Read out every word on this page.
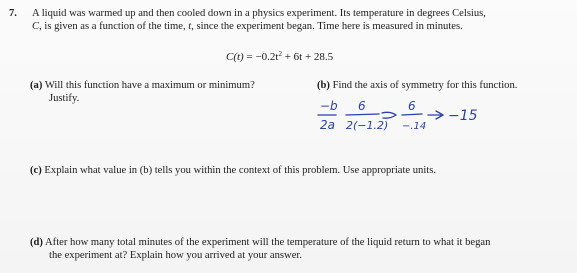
7. A liquid was warmed up and then cooled down in a physics experiment. Its temperature in degrees Celsius,
C, is given as a function of the time, t, since the experiment began. Time here is measured in minutes.
$C(t) = -0.2t^2 + 6t + 28.5$
(a) Will this function have a maximum or minimum?
Justify.
(b) Find the axis of symmetry for this function.
−b
2a
6
2(−1.2)
6
−.14
−15
(c) Explain what value in (b) tells you within the context of this problem. Use appropriate units.
(d) After how many total minutes of the experiment will the temperature of the liquid return to what it began
the experiment at? Explain how you arrived at your answer.
